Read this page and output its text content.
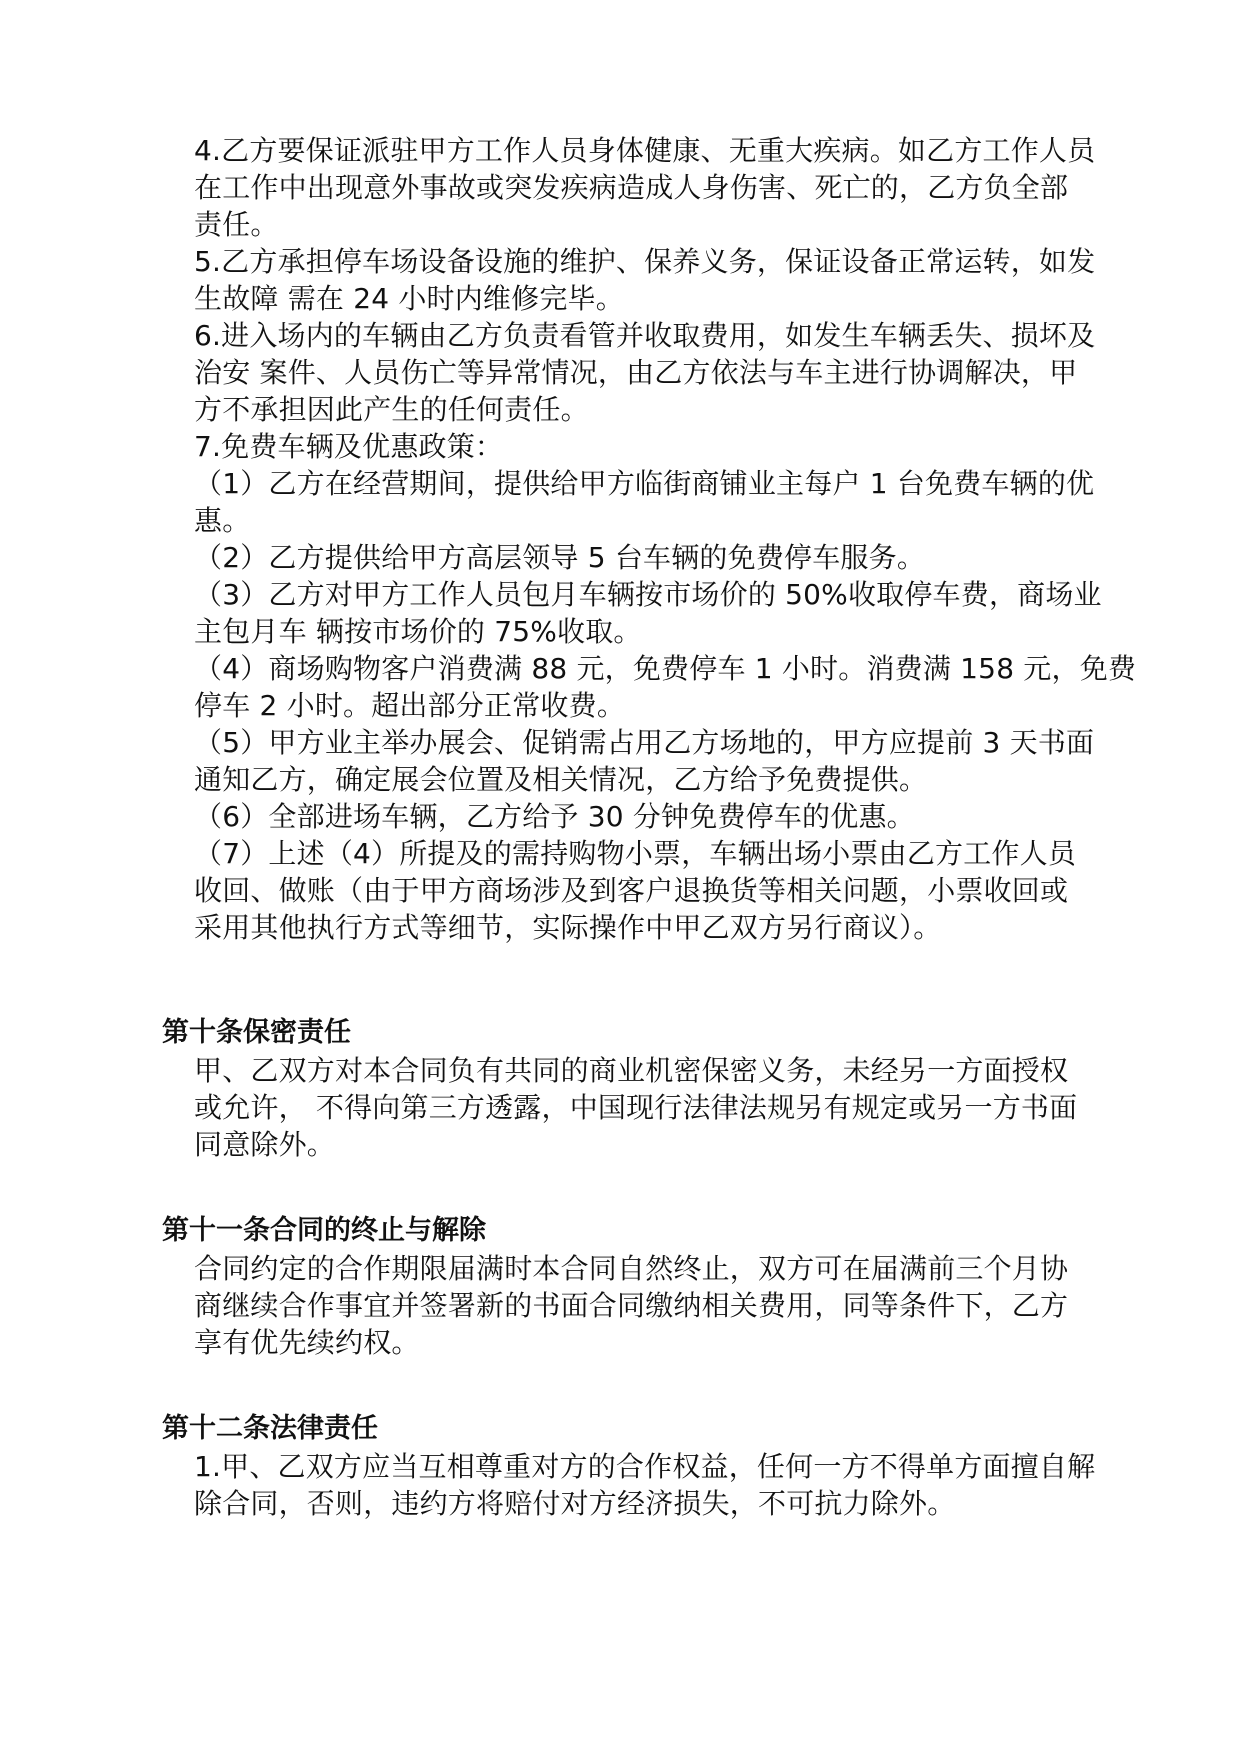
4.乙方要保证派驻甲方工作人员身体健康、无重大疾病。如乙方工作人员

在工作中出现意外事故或突发疾病造成人身伤害、死亡的，乙方负全部

责任。

5.乙方承担停车场设备设施的维护、保养义务，保证设备正常运转，如发

生故障 需在 24 小时内维修完毕。

6.进入场内的车辆由乙方负责看管并收取费用，如发生车辆丢失、损坏及

治安 案件、人员伤亡等异常情况，由乙方依法与车主进行协调解决，甲

方不承担因此产生的任何责任。

7.免费车辆及优惠政策：

（1）乙方在经营期间，提供给甲方临街商铺业主每户 1 台免费车辆的优

惠。

（2）乙方提供给甲方高层领导 5 台车辆的免费停车服务。

（3）乙方对甲方工作人员包月车辆按市场价的 50%收取停车费，商场业

主包月车 辆按市场价的 75%收取。

（4）商场购物客户消费满 88 元，免费停车 1 小时。消费满 158 元，免费

停车 2 小时。超出部分正常收费。

（5）甲方业主举办展会、促销需占用乙方场地的，甲方应提前 3 天书面

通知乙方，确定展会位置及相关情况，乙方给予免费提供。

（6）全部进场车辆，乙方给予 30 分钟免费停车的优惠。

（7）上述（4）所提及的需持购物小票，车辆出场小票由乙方工作人员

收回、做账（由于甲方商场涉及到客户退换货等相关问题，小票收回或

采用其他执行方式等细节，实际操作中甲乙双方另行商议）。

第十条保密责任

甲、乙双方对本合同负有共同的商业机密保密义务，未经另一方面授权

或允许， 不得向第三方透露，中国现行法律法规另有规定或另一方书面

同意除外。

第十一条合同的终止与解除

合同约定的合作期限届满时本合同自然终止，双方可在届满前三个月协

商继续合作事宜并签署新的书面合同缴纳相关费用，同等条件下，乙方

享有优先续约权。

第十二条法律责任

1.甲、乙双方应当互相尊重对方的合作权益，任何一方不得单方面擅自解

除合同，否则，违约方将赔付对方经济损失，不可抗力除外。
